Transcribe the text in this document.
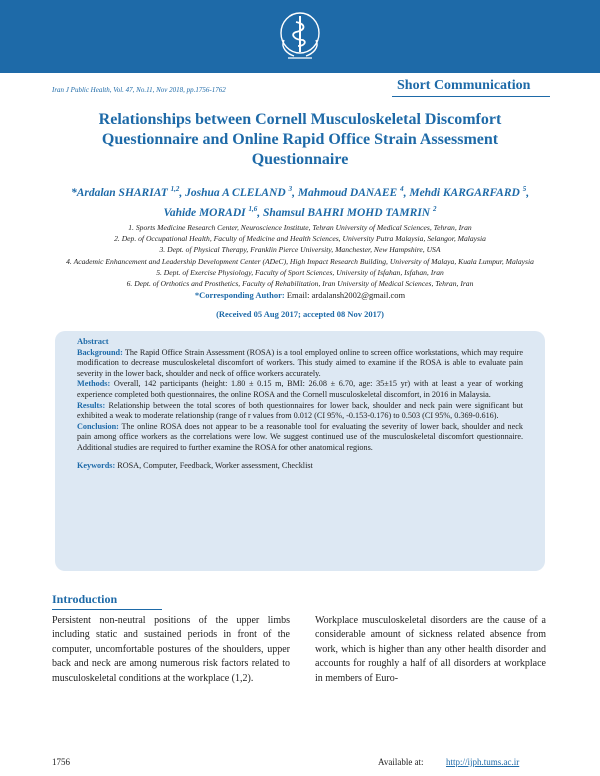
Iran J Public Health, Vol. 47, No.11, Nov 2018, pp.1756-1762	Short Communication
Relationships between Cornell Musculoskeletal Discomfort Questionnaire and Online Rapid Office Strain Assessment Questionnaire
*Ardalan SHARIAT $^{1,2}$, Joshua A CLELAND $^3$, Mahmoud DANAEE $^4$, Mehdi KARGARFARD $^5$, Vahide MORADI $^{1,6}$, Shamsul BAHRI MOHD TAMRIN $^2$
1. Sports Medicine Research Center, Neuroscience Institute, Tehran University of Medical Sciences, Tehran, Iran
2. Dep. of Occupational Health, Faculty of Medicine and Health Sciences, University Putra Malaysia, Selangor, Malaysia
3. Dept. of Physical Therapy, Franklin Pierce University, Manchester, New Hampshire, USA
4. Academic Enhancement and Leadership Development Center (ADeC), High Impact Research Building, University of Malaya, Kuala Lumpur, Malaysia
5. Dept. of Exercise Physiology, Faculty of Sport Sciences, University of Isfahan, Isfahan, Iran
6. Dept. of Orthotics and Prosthetics, Faculty of Rehabilitation, Iran University of Medical Sciences, Tehran, Iran
*Corresponding Author: Email: ardalansh2002@gmail.com
(Received 05 Aug 2017; accepted 08 Nov 2017)
Abstract
Background: The Rapid Office Strain Assessment (ROSA) is a tool employed online to screen office workstations, which may require modification to decrease musculoskeletal discomfort of workers. This study aimed to examine if the ROSA is able to evaluate pain severity in the lower back, shoulder and neck of office workers accurately.
Methods: Overall, 142 participants (height: 1.80 ± 0.15 m, BMI: 26.08 ± 6.70, age: 35±15 yr) with at least a year of working experience completed both questionnaires, the online ROSA and the Cornell musculoskeletal discomfort, in 2016 in Malaysia.
Results: Relationship between the total scores of both questionnaires for lower back, shoulder and neck pain were significant but exhibited a weak to moderate relationship (range of r values from 0.012 (CI 95%, -0.153-0.176) to 0.503 (CI 95%, 0.369-0.616).
Conclusion: The online ROSA does not appear to be a reasonable tool for evaluating the severity of lower back, shoulder and neck pain among office workers as the correlations were low. We suggest continued use of the musculoskeletal discomfort questionnaire. Additional studies are required to further examine the ROSA for other anatomical regions.
Keywords: ROSA, Computer, Feedback, Worker assessment, Checklist
Introduction
Persistent non-neutral positions of the upper limbs including static and sustained periods in front of the computer, uncomfortable postures of the shoulders, upper back and neck are among numerous risk factors related to musculoskeletal conditions at the workplace (1,2).
Workplace musculoskeletal disorders are the cause of a considerable amount of sickness related absence from work, which is higher than any other health disorder and accounts for roughly a half of all disorders at workplace in members of Euro-
1756	Available at: http://ijph.tums.ac.ir
